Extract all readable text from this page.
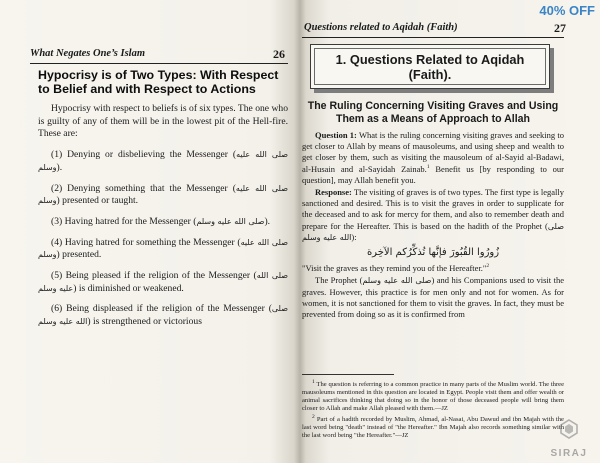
What Negates One’s Islam	26
Hypocrisy is of Two Types: With Respect to Belief and with Respect to Actions

Hypocrisy with respect to beliefs is of six types. The one who is guilty of any of them will be in the lowest pit of the Hell-fire. These are:

(1) Denying or disbelieving the Messenger (صلى الله عليه وسلم).

(2) Denying something that the Messenger (صلى الله عليه وسلم) presented or taught.

(3) Having hatred for the Messenger (صلى الله عليه وسلم).

(4) Having hatred for something the Messenger (صلى الله عليه وسلم) presented.

(5) Being pleased if the religion of the Messenger (صلى الله عليه وسلم) is diminished or weakened.

(6) Being displeased if the religion of the Messenger (صلى الله عليه وسلم) is strengthened or victorious

Questions related to Aqidah (Faith)	27
1. Questions Related to Aqidah (Faith).
The Ruling Concerning Visiting Graves and Using Them as a Means of Approach to Allah

Question 1: What is the ruling concerning visiting graves and seeking to get closer to Allah by means of mausoleums, and using sheep and wealth to get closer by them, such as visiting the mausoleum of al-Sayid al-Badawi, al-Husain and al-Sayidah Zainab.$^1$ Benefit us [by responding to our question], may Allah benefit you.

Response: The visiting of graves is of two types. The first type is legally sanctioned and desired. This is to visit the graves in order to supplicate for the deceased and to ask for mercy for them, and also to remember death and prepare for the Hereafter. This is based on the hadith of the Prophet (صلى الله عليه وسلم):

زُورُوا القُبُورَ فإنَّها تُذكِّرُكم الآخِرة

"Visit the graves as they remind you of the Hereafter."$^2$

The Prophet (صلى الله عليه وسلم) and his Companions used to visit the graves. However, this practice is for men only and not for women. As for women, it is not sanctioned for them to visit the graves. In fact, they must be prevented from doing so as it is confirmed from

$^1$ The question is referring to a common practice in many parts of the Muslim world. The three mausoleums mentioned in this question are located in Egypt. People visit them and offer wealth or animal sacrifices thinking that doing so in the honor of those deceased people will bring them closer to Allah and make Allah pleased with them.—JZ

$^2$ Part of a hadith recorded by Muslim, Ahmad, al-Nasai, Abu Dawud and ibn Majah with the last word being "death" instead of "the Hereafter." Ibn Majah also records something similar with the last word being "the Hereafter."—JZ

40% OFF
SIRAJ
